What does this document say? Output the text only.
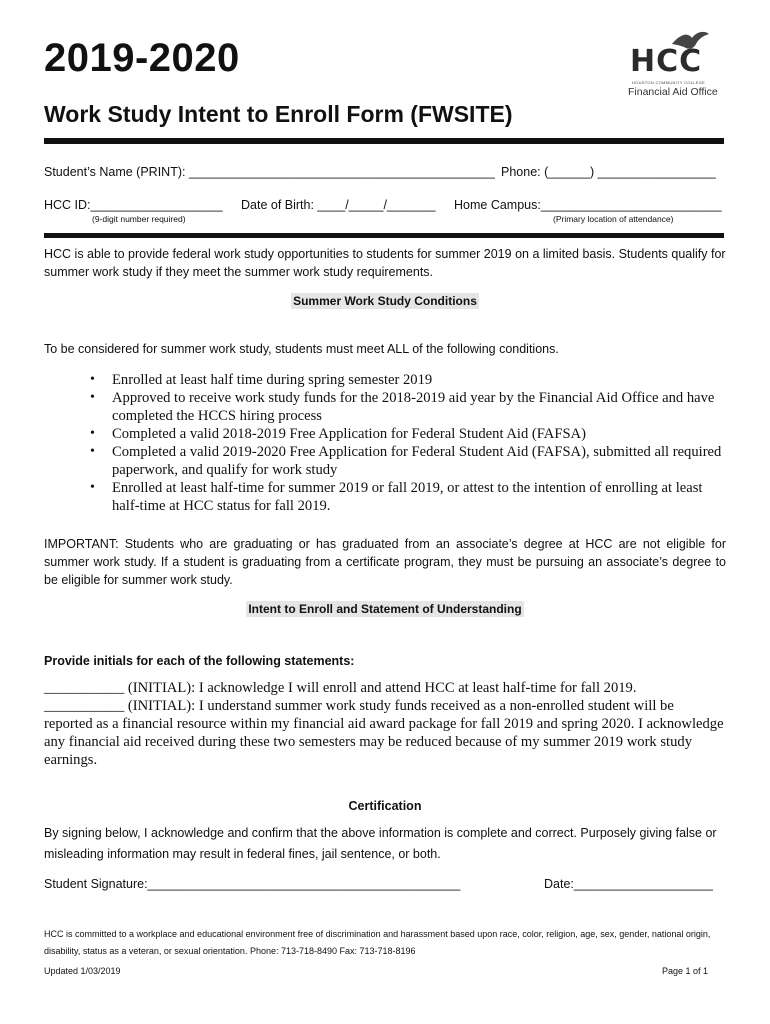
2019-2020
Work Study Intent to Enroll Form (FWSITE)
HCC
HOUSTON COMMUNITY COLLEGE
Financial Aid Office
Student’s Name (PRINT): ____________________________________________ Phone: (______) _________________
HCC ID:___________________
(9-digit number required)
Date of Birth: ____/_____/_______ Home Campus:__________________________
(Primary location of attendance)
HCC is able to provide federal work study opportunities to students for summer 2019 on a limited basis. Students qualify for summer work study if they meet the summer work study requirements.
Summer Work Study Conditions
To be considered for summer work study, students must meet ALL of the following conditions.
• Enrolled at least half time during spring semester 2019
• Approved to receive work study funds for the 2018-2019 aid year by the Financial Aid Office and have completed the HCCS hiring process
• Completed a valid 2018-2019 Free Application for Federal Student Aid (FAFSA)
• Completed a valid 2019-2020 Free Application for Federal Student Aid (FAFSA), submitted all required paperwork, and qualify for work study
• Enrolled at least half-time for summer 2019 or fall 2019, or attest to the intention of enrolling at least half-time at HCC status for fall 2019.
IMPORTANT: Students who are graduating or has graduated from an associate’s degree at HCC are not eligible for summer work study. If a student is graduating from a certificate program, they must be pursuing an associate’s degree to be eligible for summer work study.
Intent to Enroll and Statement of Understanding
Provide initials for each of the following statements:
___________ (INITIAL): I acknowledge I will enroll and attend HCC at least half-time for fall 2019.
___________ (INITIAL): I understand summer work study funds received as a non-enrolled student will be reported as a financial resource within my financial aid award package for fall 2019 and spring 2020. I acknowledge any financial aid received during these two semesters may be reduced because of my summer 2019 work study earnings.
Certification
By signing below, I acknowledge and confirm that the above information is complete and correct. Purposely giving false or misleading information may result in federal fines, jail sentence, or both.
Student Signature:_____________________________________________	Date:____________________
HCC is committed to a workplace and educational environment free of discrimination and harassment based upon race, color, religion, age, sex, gender, national origin, disability, status as a veteran, or sexual orientation. Phone: 713-718-8490 Fax: 713-718-8196
Updated 1/03/2019	Page 1 of 1
